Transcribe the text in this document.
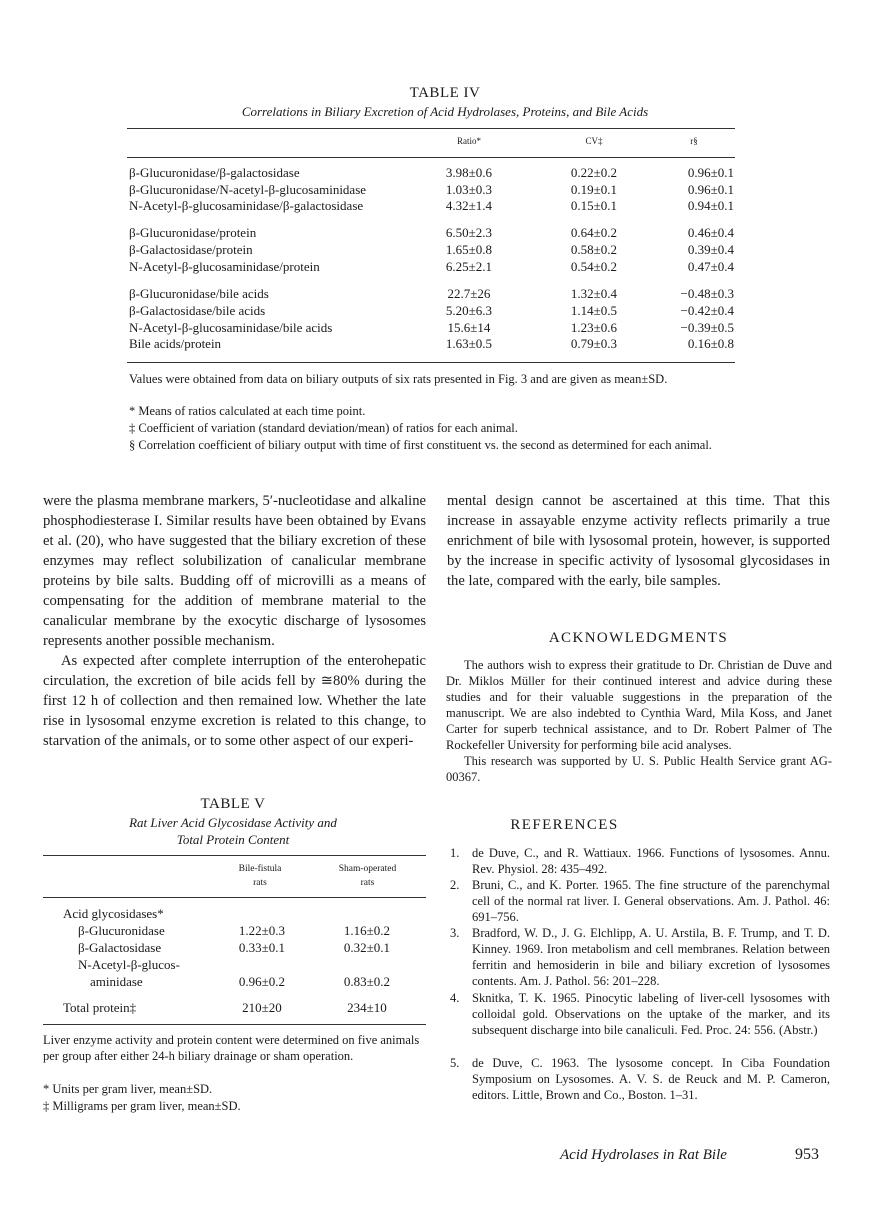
TABLE IV
Correlations in Biliary Excretion of Acid Hydrolases, Proteins, and Bile Acids
Ratio*	CV‡	r§
β-Glucuronidase/β-galactosidase	3.98±0.6	0.22±0.2	0.96±0.1
β-Glucuronidase/N-acetyl-β-glucosaminidase	1.03±0.3	0.19±0.1	0.96±0.1
N-Acetyl-β-glucosaminidase/β-galactosidase	4.32±1.4	0.15±0.1	0.94±0.1
β-Glucuronidase/protein	6.50±2.3	0.64±0.2	0.46±0.4
β-Galactosidase/protein	1.65±0.8	0.58±0.2	0.39±0.4
N-Acetyl-β-glucosaminidase/protein	6.25±2.1	0.54±0.2	0.47±0.4
β-Glucuronidase/bile acids	22.7±26	1.32±0.4	−0.48±0.3
β-Galactosidase/bile acids	5.20±6.3	1.14±0.5	−0.42±0.4
N-Acetyl-β-glucosaminidase/bile acids	15.6±14	1.23±0.6	−0.39±0.5
Bile acids/protein	1.63±0.5	0.79±0.3	0.16±0.8
Values were obtained from data on biliary outputs of six rats presented in Fig. 3 and are given as mean±SD.
* Means of ratios calculated at each time point.
‡ Coefficient of variation (standard deviation/mean) of ratios for each animal.
§ Correlation coefficient of biliary output with time of first constituent vs. the second as determined for each animal.

were the plasma membrane markers, 5′-nucleotidase and alkaline phosphodiesterase I. Similar results have been obtained by Evans et al. (20), who have suggested that the biliary excretion of these enzymes may reflect solubilization of canalicular membrane proteins by bile salts. Budding off of microvilli as a means of compensating for the addition of membrane material to the canalicular membrane by the exocytic discharge of lysosomes represents another possible mechanism.

As expected after complete interruption of the enterohepatic circulation, the excretion of bile acids fell by ≅80% during the first 12 h of collection and then remained low. Whether the late rise in lysosomal enzyme excretion is related to this change, to starvation of the animals, or to some other aspect of our experi-

mental design cannot be ascertained at this time. That this increase in assayable enzyme activity reflects primarily a true enrichment of bile with lysosomal protein, however, is supported by the increase in specific activity of lysosomal glycosidases in the late, compared with the early, bile samples.

ACKNOWLEDGMENTS

The authors wish to express their gratitude to Dr. Christian de Duve and Dr. Miklos Müller for their continued interest and advice during these studies and for their valuable suggestions in the preparation of the manuscript. We are also indebted to Cynthia Ward, Mila Koss, and Janet Carter for superb technical assistance, and to Dr. Robert Palmer of The Rockefeller University for performing bile acid analyses.

This research was supported by U. S. Public Health Service grant AG-00367.

TABLE V
Rat Liver Acid Glycosidase Activity and
Total Protein Content
Bile-fistula
rats
Sham-operated
rats
Acid glycosidases*
β-Glucuronidase	1.22±0.3	1.16±0.2
β-Galactosidase	0.33±0.1	0.32±0.1
N-Acetyl-β-glucos-
aminidase	0.96±0.2	0.83±0.2
Total protein‡	210±20	234±10
Liver enzyme activity and protein content were determined on five animals per group after either 24-h biliary drainage or sham operation.
* Units per gram liver, mean±SD.
‡ Milligrams per gram liver, mean±SD.
REFERENCES
1. de Duve, C., and R. Wattiaux. 1966. Functions of lysosomes. Annu. Rev. Physiol. 28: 435–492.
2. Bruni, C., and K. Porter. 1965. The fine structure of the parenchymal cell of the normal rat liver. I. General observations. Am. J. Pathol. 46: 691–756.
3. Bradford, W. D., J. G. Elchlipp, A. U. Arstila, B. F. Trump, and T. D. Kinney. 1969. Iron metabolism and cell membranes. Relation between ferritin and hemosiderin in bile and biliary excretion of lysosomes contents. Am. J. Pathol. 56: 201–228.
4. Sknitka, T. K. 1965. Pinocytic labeling of liver-cell lysosomes with colloidal gold. Observations on the uptake of the marker, and its subsequent discharge into bile canaliculi. Fed. Proc. 24: 556. (Abstr.)
5. de Duve, C. 1963. The lysosome concept. In Ciba Foundation Symposium on Lysosomes. A. V. S. de Reuck and M. P. Cameron, editors. Little, Brown and Co., Boston. 1–31.
Acid Hydrolases in Rat Bile	953
